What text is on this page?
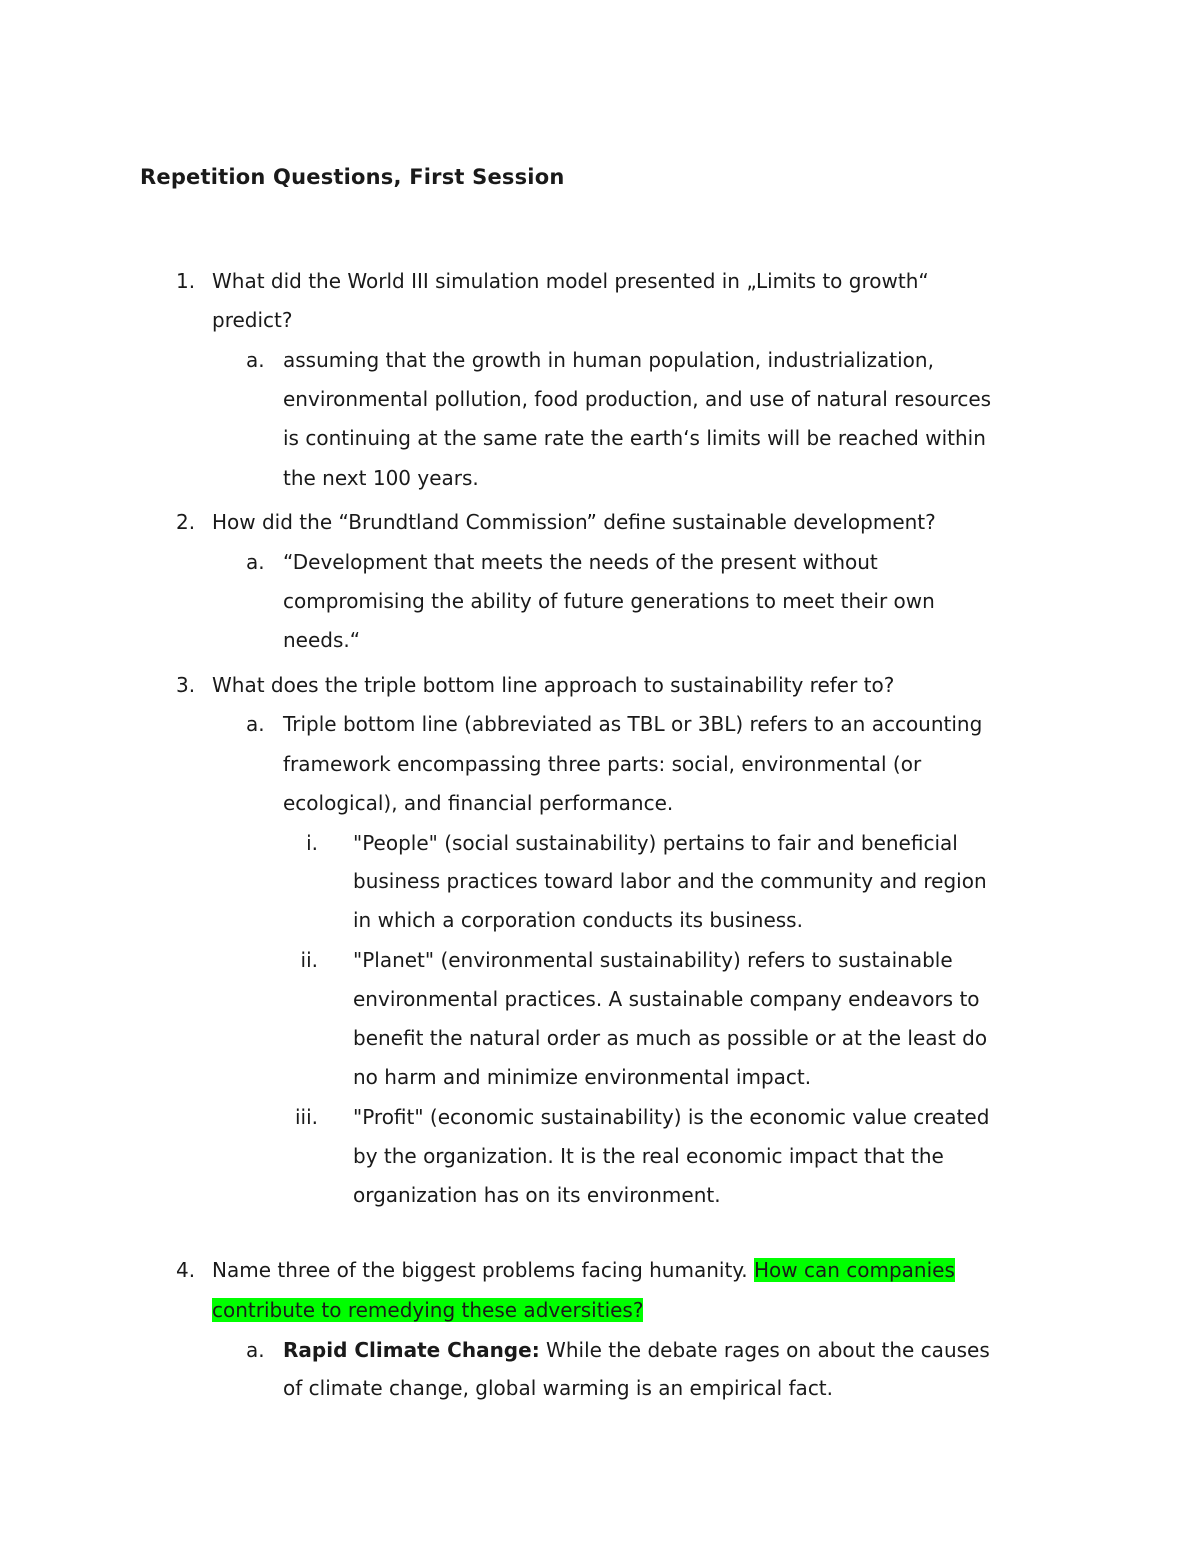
Repetition Questions, First Session
1. What did the World III simulation model presented in „Limits to growth“
predict?
a. assuming that the growth in human population, industrialization,
environmental pollution, food production, and use of natural resources
is continuing at the same rate the earth‘s limits will be reached within
the next 100 years.
2. How did the “Brundtland Commission” define sustainable development?
a. “Development that meets the needs of the present without
compromising the ability of future generations to meet their own
needs.“
3. What does the triple bottom line approach to sustainability refer to?
a. Triple bottom line (abbreviated as TBL or 3BL) refers to an accounting
framework encompassing three parts: social, environmental (or
ecological), and financial performance.
i. "People" (social sustainability) pertains to fair and beneficial
business practices toward labor and the community and region
in which a corporation conducts its business.
ii. "Planet" (environmental sustainability) refers to sustainable
environmental practices. A sustainable company endeavors to
benefit the natural order as much as possible or at the least do
no harm and minimize environmental impact.
iii. "Profit" (economic sustainability) is the economic value created
by the organization. It is the real economic impact that the
organization has on its environment.
4. Name three of the biggest problems facing humanity. How can companies
contribute to remedying these adversities?
a. Rapid Climate Change: While the debate rages on about the causes
of climate change, global warming is an empirical fact.
